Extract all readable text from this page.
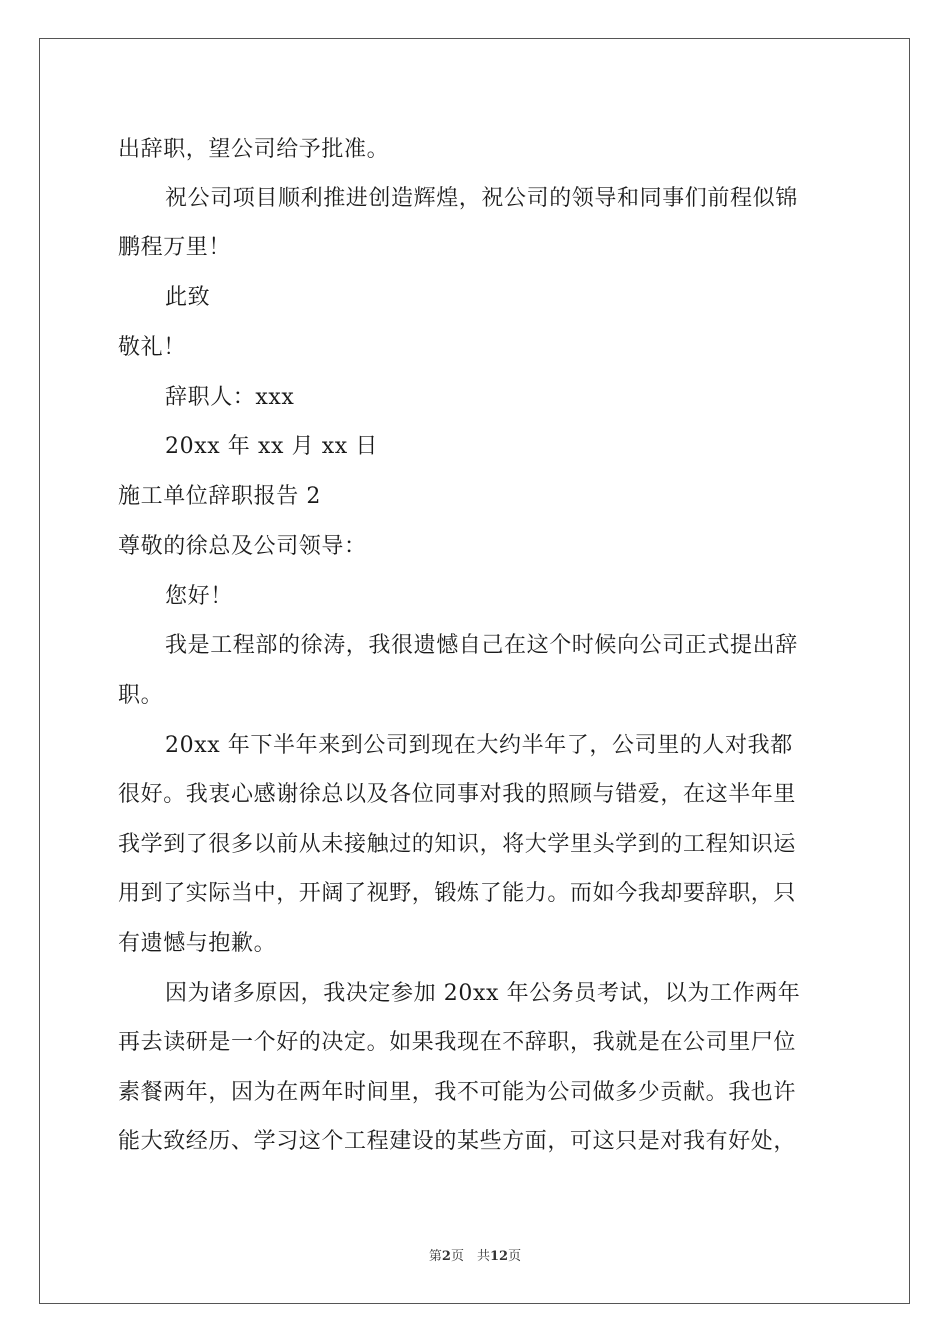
出辞职，望公司给予批准。
祝公司项目顺利推进创造辉煌，祝公司的领导和同事们前程似锦
鹏程万里！
此致
敬礼！
辞职人：xxx
20xx 年 xx 月 xx 日
施工单位辞职报告 2
尊敬的徐总及公司领导：
您好！
我是工程部的徐涛，我很遗憾自己在这个时候向公司正式提出辞
职。
20xx 年下半年来到公司到现在大约半年了，公司里的人对我都
很好。我衷心感谢徐总以及各位同事对我的照顾与错爱，在这半年里
我学到了很多以前从未接触过的知识，将大学里头学到的工程知识运
用到了实际当中，开阔了视野，锻炼了能力。而如今我却要辞职，只
有遗憾与抱歉。
因为诸多原因，我决定参加 20xx 年公务员考试，以为工作两年
再去读研是一个好的决定。如果我现在不辞职，我就是在公司里尸位
素餐两年，因为在两年时间里，我不可能为公司做多少贡献。我也许
能大致经历、学习这个工程建设的某些方面，可这只是对我有好处，
第2页　共12页
